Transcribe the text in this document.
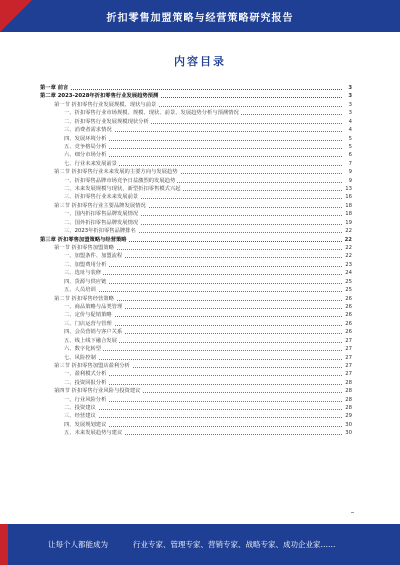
折扣零售加盟策略与经营策略研究报告
内容目录
第一章 前言	3
第二章 2023-2028年折扣零售行业发展趋势预测	3
第一节 折扣零售行业发展规模、现状与前景	3
一、折扣零售行业市场规模、规模、现状、前景、发展趋势分析与预测情况	3
二、折扣零售行业发展规模现状分析	4
三、消费者需求情况	4
四、发展环境分析	5
五、竞争格局分析	5
六、细分市场分析	6
七、行业未来发展前景	7
第二节 折扣零售行业未来发展的主要方向与发展趋势	9
一、折扣零售品牌市场竞争日益激烈的发展趋势	9
二、未来发展规模与现状，新型折扣零售模式兴起	13
三、折扣零售行业未来发展前景	16
第三节 折扣零售行业主要品牌发展情况	18
一、国内折扣零售品牌发展情况	18
二、国外折扣零售品牌发展情况	19
三、2023年折扣零售品牌排名	22
第三章 折扣零售加盟策略与经营策略	22
第一节 折扣零售加盟策略	22
一、加盟条件、加盟流程	22
二、加盟费用分析	23
三、选址与装修	24
四、货源与供应链	25
五、人员培训	25
第二节 折扣零售经营策略	26
一、商品策略与品类管理	26
二、定价与促销策略	26
三、门店运营与管理	26
四、会员营销与客户关系	26
五、线上线下融合发展	27
六、数字化转型	27
七、风险控制	27
第三节 折扣零售加盟店盈利分析	27
一、盈利模式分析	27
二、投资回报分析	28
第四节 折扣零售行业风险与投资建议	28
一、行业风险分析	28
二、投资建议	28
三、经营建议	29
四、发展规划建议	30
五、未来发展趋势与建议	30
让每个人都能成为	行业专家、管理专家、营销专家、战略专家、成功企业家……
